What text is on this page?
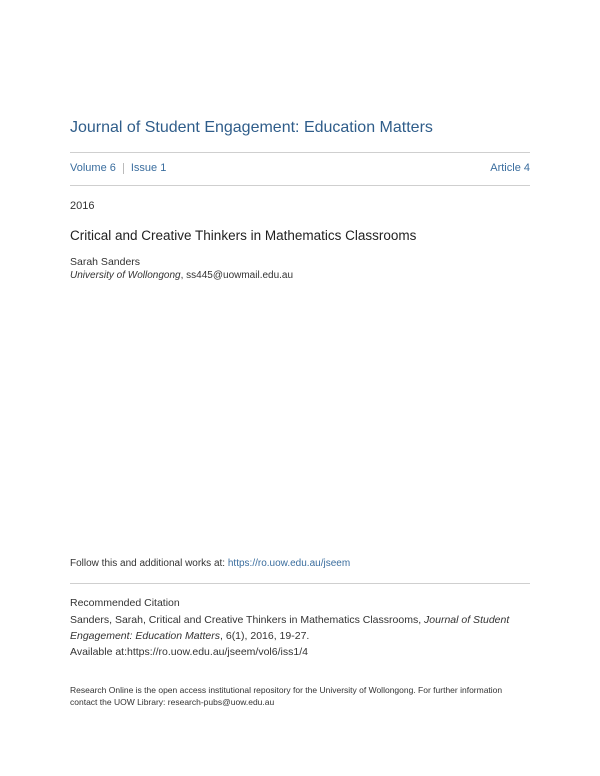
Journal of Student Engagement: Education Matters
Volume 6 Issue 1	Article 4
2016
Critical and Creative Thinkers in Mathematics Classrooms
Sarah Sanders
University of Wollongong, ss445@uowmail.edu.au
Follow this and additional works at: https://ro.uow.edu.au/jseem
Recommended Citation
Sanders, Sarah, Critical and Creative Thinkers in Mathematics Classrooms, Journal of Student Engagement: Education Matters, 6(1), 2016, 19-27.
Available at:https://ro.uow.edu.au/jseem/vol6/iss1/4
Research Online is the open access institutional repository for the University of Wollongong. For further information contact the UOW Library: research-pubs@uow.edu.au
